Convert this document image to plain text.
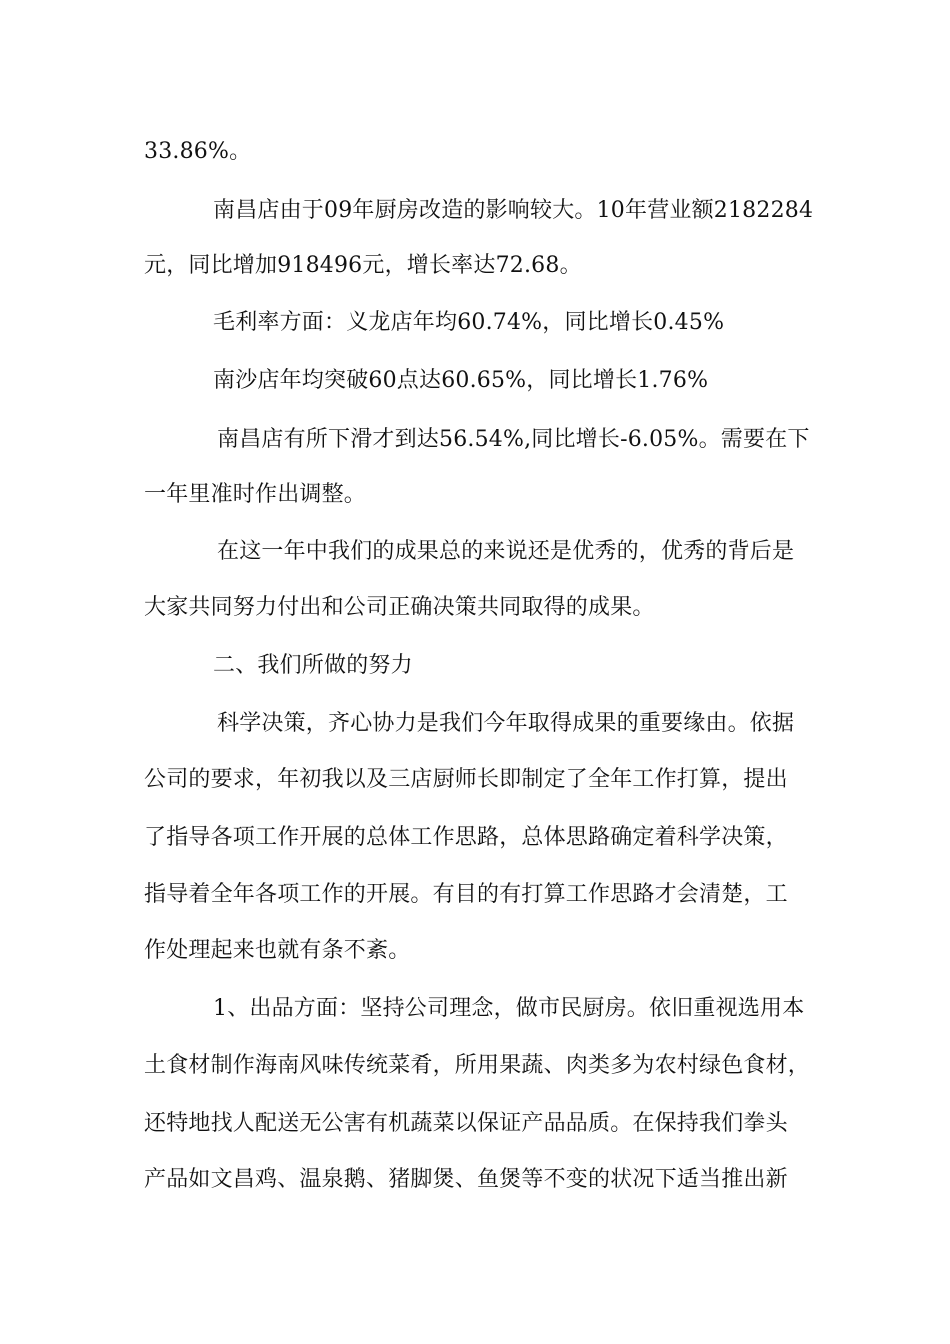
33.86%。
南昌店由于09年厨房改造的影响较大。10年营业额2182284
元，同比增加918496元，增长率达72.68。
毛利率方面：义龙店年均60.74%，同比增长0.45%
南沙店年均突破60点达60.65%，同比增长1.76%
南昌店有所下滑才到达56.54%,同比增长-6.05%。需要在下
一年里准时作出调整。
在这一年中我们的成果总的来说还是优秀的，优秀的背后是
大家共同努力付出和公司正确决策共同取得的成果。
二、我们所做的努力
科学决策，齐心协力是我们今年取得成果的重要缘由。依据
公司的要求，年初我以及三店厨师长即制定了全年工作打算，提出
了指导各项工作开展的总体工作思路，总体思路确定着科学决策，
指导着全年各项工作的开展。有目的有打算工作思路才会清楚，工
作处理起来也就有条不紊。
1、出品方面：坚持公司理念，做市民厨房。依旧重视选用本
土食材制作海南风味传统菜肴，所用果蔬、肉类多为农村绿色食材，
还特地找人配送无公害有机蔬菜以保证产品品质。在保持我们拳头
产品如文昌鸡、温泉鹅、猪脚煲、鱼煲等不变的状况下适当推出新
